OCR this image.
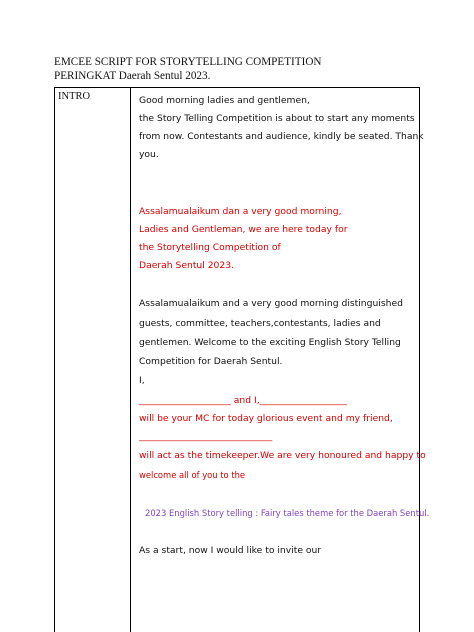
EMCEE SCRIPT FOR STORYTELLING COMPETITION
PERINGKAT Daerah Sentul 2023.
INTRO	Good morning ladies and gentlemen,
the Story Telling Competition is about to start any moments
from now. Contestants and audience, kindly be seated. Thank
you.
Assalamualaikum dan a very good morning,
Ladies and Gentleman, we are here today for
the Storytelling Competition of
Daerah Sentul 2023.
Assalamualaikum and a very good morning distinguished
guests, committee, teachers,contestants, ladies and
gentlemen. Welcome to the exciting English Story Telling
Competition for Daerah Sentul.
I,
____________________ and I,___________________
will be your MC for today glorious event and my friend,
_____________________________
will act as the timekeeper.We are very honoured and happy to
welcome all of you to the
2023 English Story telling : Fairy tales theme for the Daerah Sentul.
As a start, now I would like to invite our
